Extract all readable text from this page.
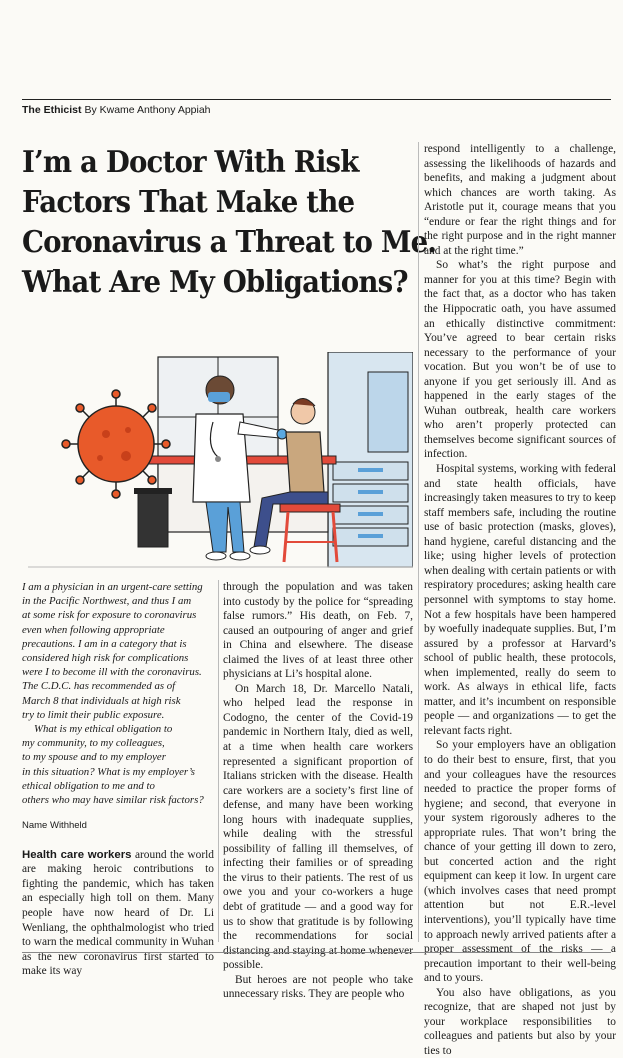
The Ethicist By Kwame Anthony Appiah
I’m a Doctor With Risk
Factors That Make the
Coronavirus a Threat to Me.
What Are My Obligations?
I am a physician in an urgent-care setting
in the Pacific Northwest, and thus I am
at some risk for exposure to coronavirus
even when following appropriate
precautions. I am in a category that is
considered high risk for complications
were I to become ill with the coronavirus.
The C.D.C. has recommended as of
March 8 that individuals at high risk
try to limit their public exposure.
What is my ethical obligation to
my community, to my colleagues,
to my spouse and to my employer
in this situation? What is my employer’s
ethical obligation to me and to
others who may have similar risk factors?
Name Withheld

Health care workers around the world are making heroic contributions to fighting the pandemic, which has taken an especially high toll on them. Many people have now heard of Dr. Li Wenliang, the ophthalmologist who tried to warn the medical community in Wuhan as the new coronavirus first started to make its way

through the population and was taken into custody by the police for “spreading false rumors.” His death, on Feb. 7, caused an outpouring of anger and grief in China and elsewhere. The disease claimed the lives of at least three other physicians at Li’s hospital alone.

On March 18, Dr. Marcello Natali, who helped lead the response in Codogno, the center of the Covid-19 pandemic in Northern Italy, died as well, at a time when health care workers represented a significant proportion of Italians stricken with the disease. Health care workers are a society’s first line of defense, and many have been working long hours with inadequate supplies, while dealing with the stressful possibility of falling ill themselves, of infecting their families or of spreading the virus to their patients. The rest of us owe you and your co-workers a huge debt of gratitude — and a good way for us to show that gratitude is by following the recommendations for social distancing and staying at home whenever possible.

But heroes are not people who take unnecessary risks. They are people who

respond intelligently to a challenge, assessing the likelihoods of hazards and benefits, and making a judgment about which chances are worth taking. As Aristotle put it, courage means that you “endure or fear the right things and for the right purpose and in the right manner and at the right time.”

So what’s the right purpose and manner for you at this time? Begin with the fact that, as a doctor who has taken the Hippocratic oath, you have assumed an ethically distinctive commitment: You’ve agreed to bear certain risks necessary to the performance of your vocation. But you won’t be of use to anyone if you get seriously ill. And as happened in the early stages of the Wuhan outbreak, health care workers who aren’t properly protected can themselves become significant sources of infection.

Hospital systems, working with federal and state health officials, have increasingly taken measures to try to keep staff members safe, including the routine use of basic protection (masks, gloves), hand hygiene, careful distancing and the like; using higher levels of protection when dealing with certain patients or with respiratory procedures; asking health care personnel with symptoms to stay home. Not a few hospitals have been hampered by woefully inadequate supplies. But, I’m assured by a professor at Harvard’s school of public health, these protocols, when implemented, really do seem to work. As always in ethical life, facts matter, and it’s incumbent on responsible people — and organizations — to get the relevant facts right.

So your employers have an obligation to do their best to ensure, first, that you and your colleagues have the resources needed to practice the proper forms of hygiene; and second, that everyone in your system rigorously adheres to the appropriate rules. That won’t bring the chance of your getting ill down to zero, but concerted action and the right equipment can keep it low. In urgent care (which involves cases that need prompt attention but not E.R.-level interventions), you’ll typically have time to approach newly arrived patients after a proper assessment of the risks — a precaution important to their well-being and to yours.

You also have obligations, as you recognize, that are shaped not just by your workplace responsibilities to colleagues and patients but also by your ties to
